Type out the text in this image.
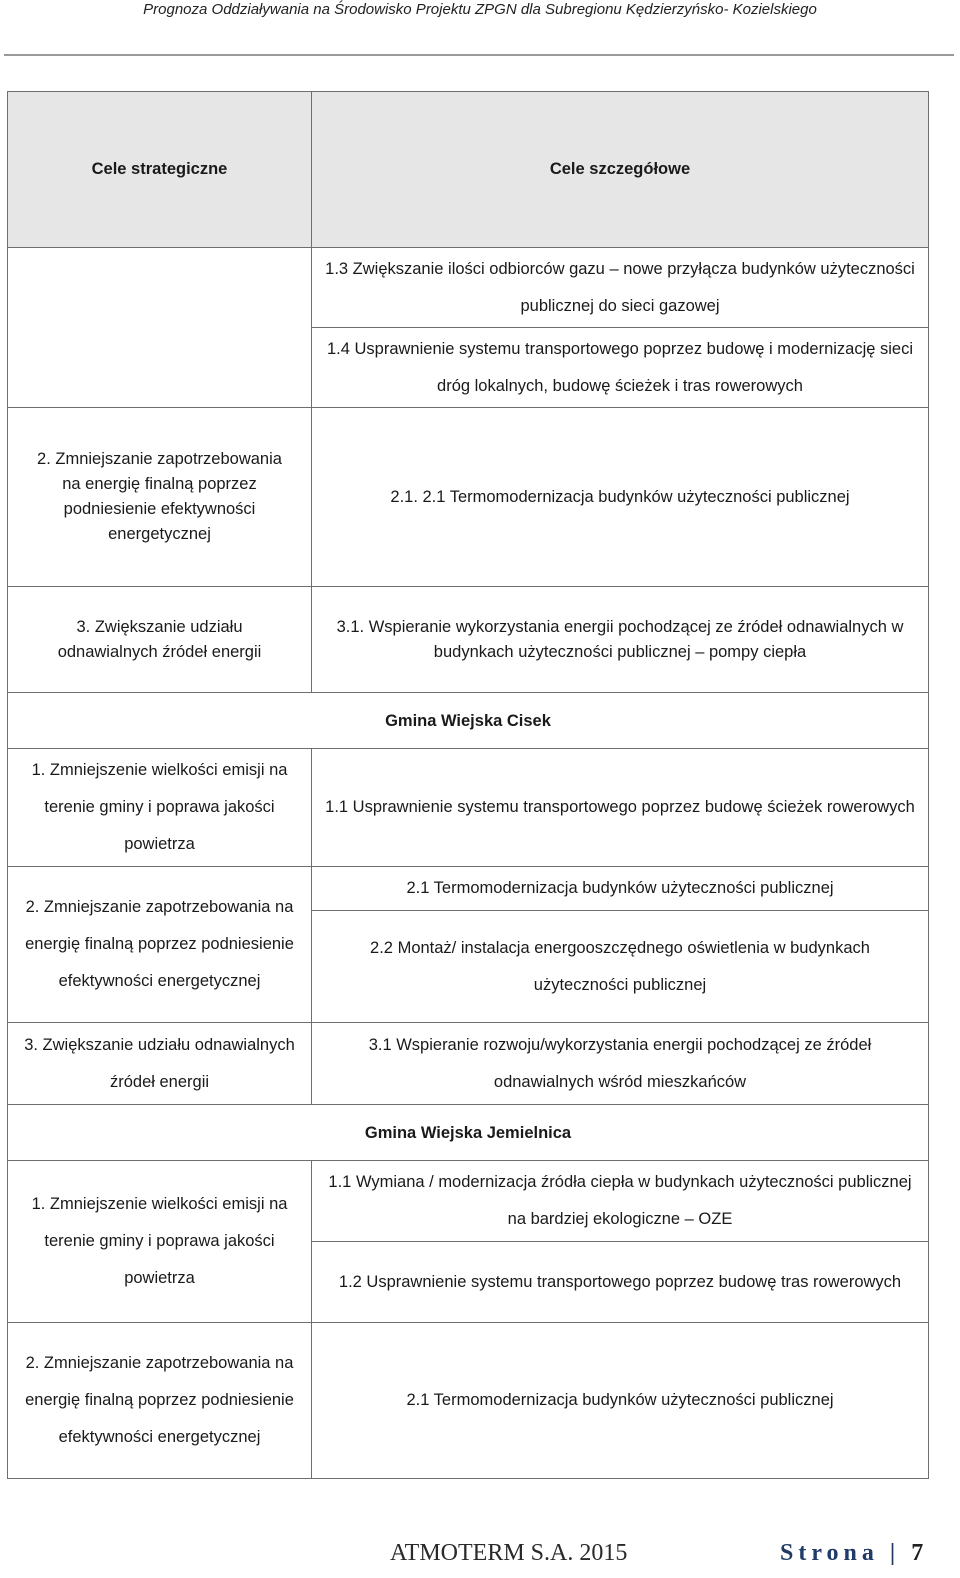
Prognoza Oddziaływania na Środowisko Projektu ZPGN dla Subregionu Kędzierzyńsko- Kozielskiego
Cele strategiczne	Cele szczegółowe
	1.3 Zwiększanie ilości odbiorców gazu – nowe przyłącza budynków użyteczności publicznej do sieci gazowej
	1.4 Usprawnienie systemu transportowego poprzez budowę i modernizację sieci dróg lokalnych, budowę ścieżek i tras rowerowych
2. Zmniejszanie zapotrzebowania na energię finalną poprzez podniesienie efektywności energetycznej	2.1. 2.1 Termomodernizacja budynków użyteczności publicznej
3. Zwiększanie udziału odnawialnych źródeł energii	3.1. Wspieranie wykorzystania energii pochodzącej ze źródeł odnawialnych w budynkach użyteczności publicznej – pompy ciepła
Gmina Wiejska Cisek	
1. Zmniejszenie wielkości emisji na terenie gminy i poprawa jakości powietrza	1.1 Usprawnienie systemu transportowego poprzez budowę ścieżek rowerowych
2. Zmniejszanie zapotrzebowania na energię finalną poprzez podniesienie efektywności energetycznej	2.1 Termomodernizacja budynków użyteczności publicznej
	2.2 Montaż/ instalacja energooszczędnego oświetlenia w budynkach użyteczności publicznej
3. Zwiększanie udziału odnawialnych źródeł energii	3.1 Wspieranie rozwoju/wykorzystania energii pochodzącej ze źródeł odnawialnych wśród mieszkańców
Gmina Wiejska Jemielnica	
1. Zmniejszenie wielkości emisji na terenie gminy i poprawa jakości powietrza	1.1 Wymiana / modernizacja źródła ciepła w budynkach użyteczności publicznej na bardziej ekologiczne – OZE
	1.2 Usprawnienie systemu transportowego poprzez budowę tras rowerowych
2. Zmniejszanie zapotrzebowania na energię finalną poprzez podniesienie efektywności energetycznej	2.1 Termomodernizacja budynków użyteczności publicznej
ATMOTERM S.A. 2015	Strona | 7
